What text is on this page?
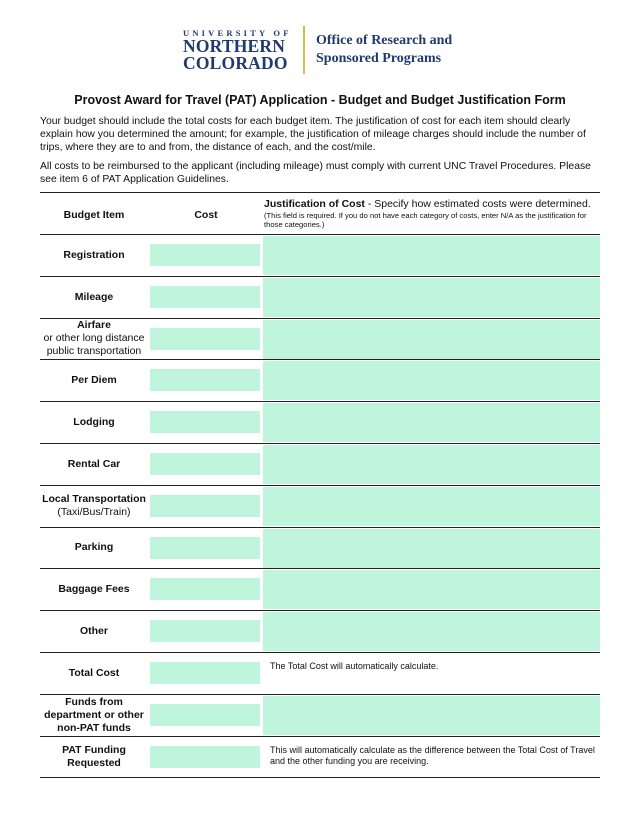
UNIVERSITY OF
NORTHERN
COLORADO
Office of Research and
Sponsored Programs
Provost Award for Travel (PAT) Application - Budget and Budget Justification Form
Your budget should include the total costs for each budget item. The justification of cost for each item should clearly explain how you determined the amount; for example, the justification of mileage charges should include the number of trips, where they are to and from, the distance of each, and the cost/mile.
All costs to be reimbursed to the applicant (including mileage) must comply with current UNC Travel Procedures. Please see item 6 of PAT Application Guidelines.
Budget Item	Cost
Justification of Cost - Specify how estimated costs were determined.
(This field is required. If you do not have each category of costs, enter N/A as the justification for those categories.)
Registration
Mileage
Airfare
or other long distance public transportation
Per Diem
Lodging
Rental Car
Local Transportation
(Taxi/Bus/Train)
Parking
Baggage Fees
Other
Total Cost
The Total Cost will automatically calculate.
Funds from department or other non-PAT funds
PAT Funding Requested
This will automatically calculate as the difference between the Total Cost of Travel and the other funding you are receiving.
